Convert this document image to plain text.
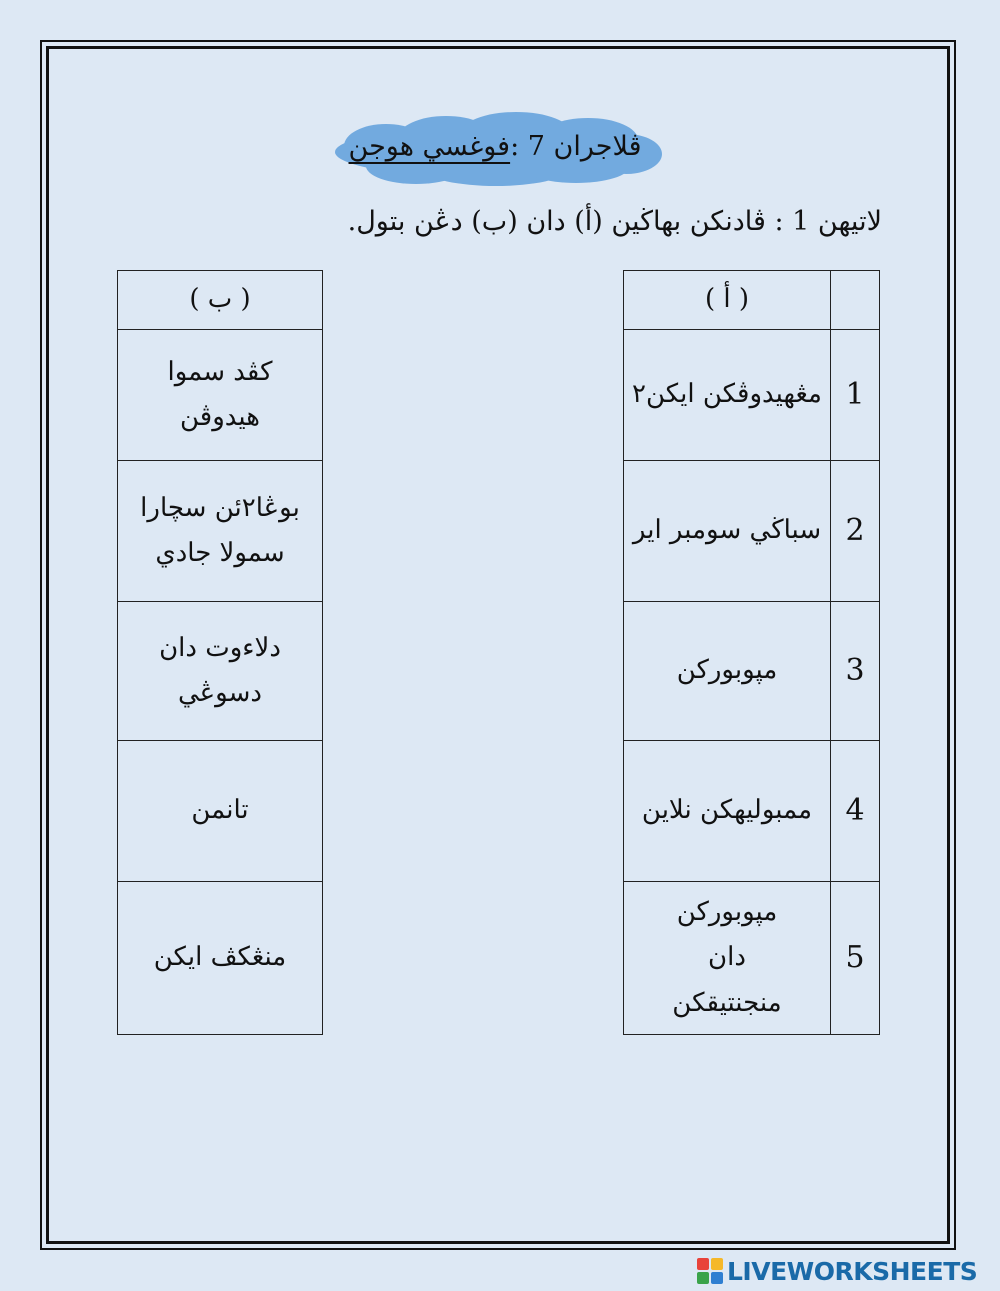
ڤلاجران 7 :
فوغسي هوجن
لاتيهن 1 : ڤادنکن بهاڬين (أ) دان (ب) دڠن بتول.
	( أ )
1	مڠهيدوڤکن ايکن٢
2	سباڬي سومبر اير
3	مڽوبورکن
4	ممبوليهکن نلاين
5	مڽوبورکن دان منجنتيقکن
( ب )
کڤد سموا هيدوڤن
بوڠا٢ئن سچارا سمولا جادي
دلاءوت دان دسوڠي
تانمن
منڠکڤ ايکن
LIVEWORKSHEETS
